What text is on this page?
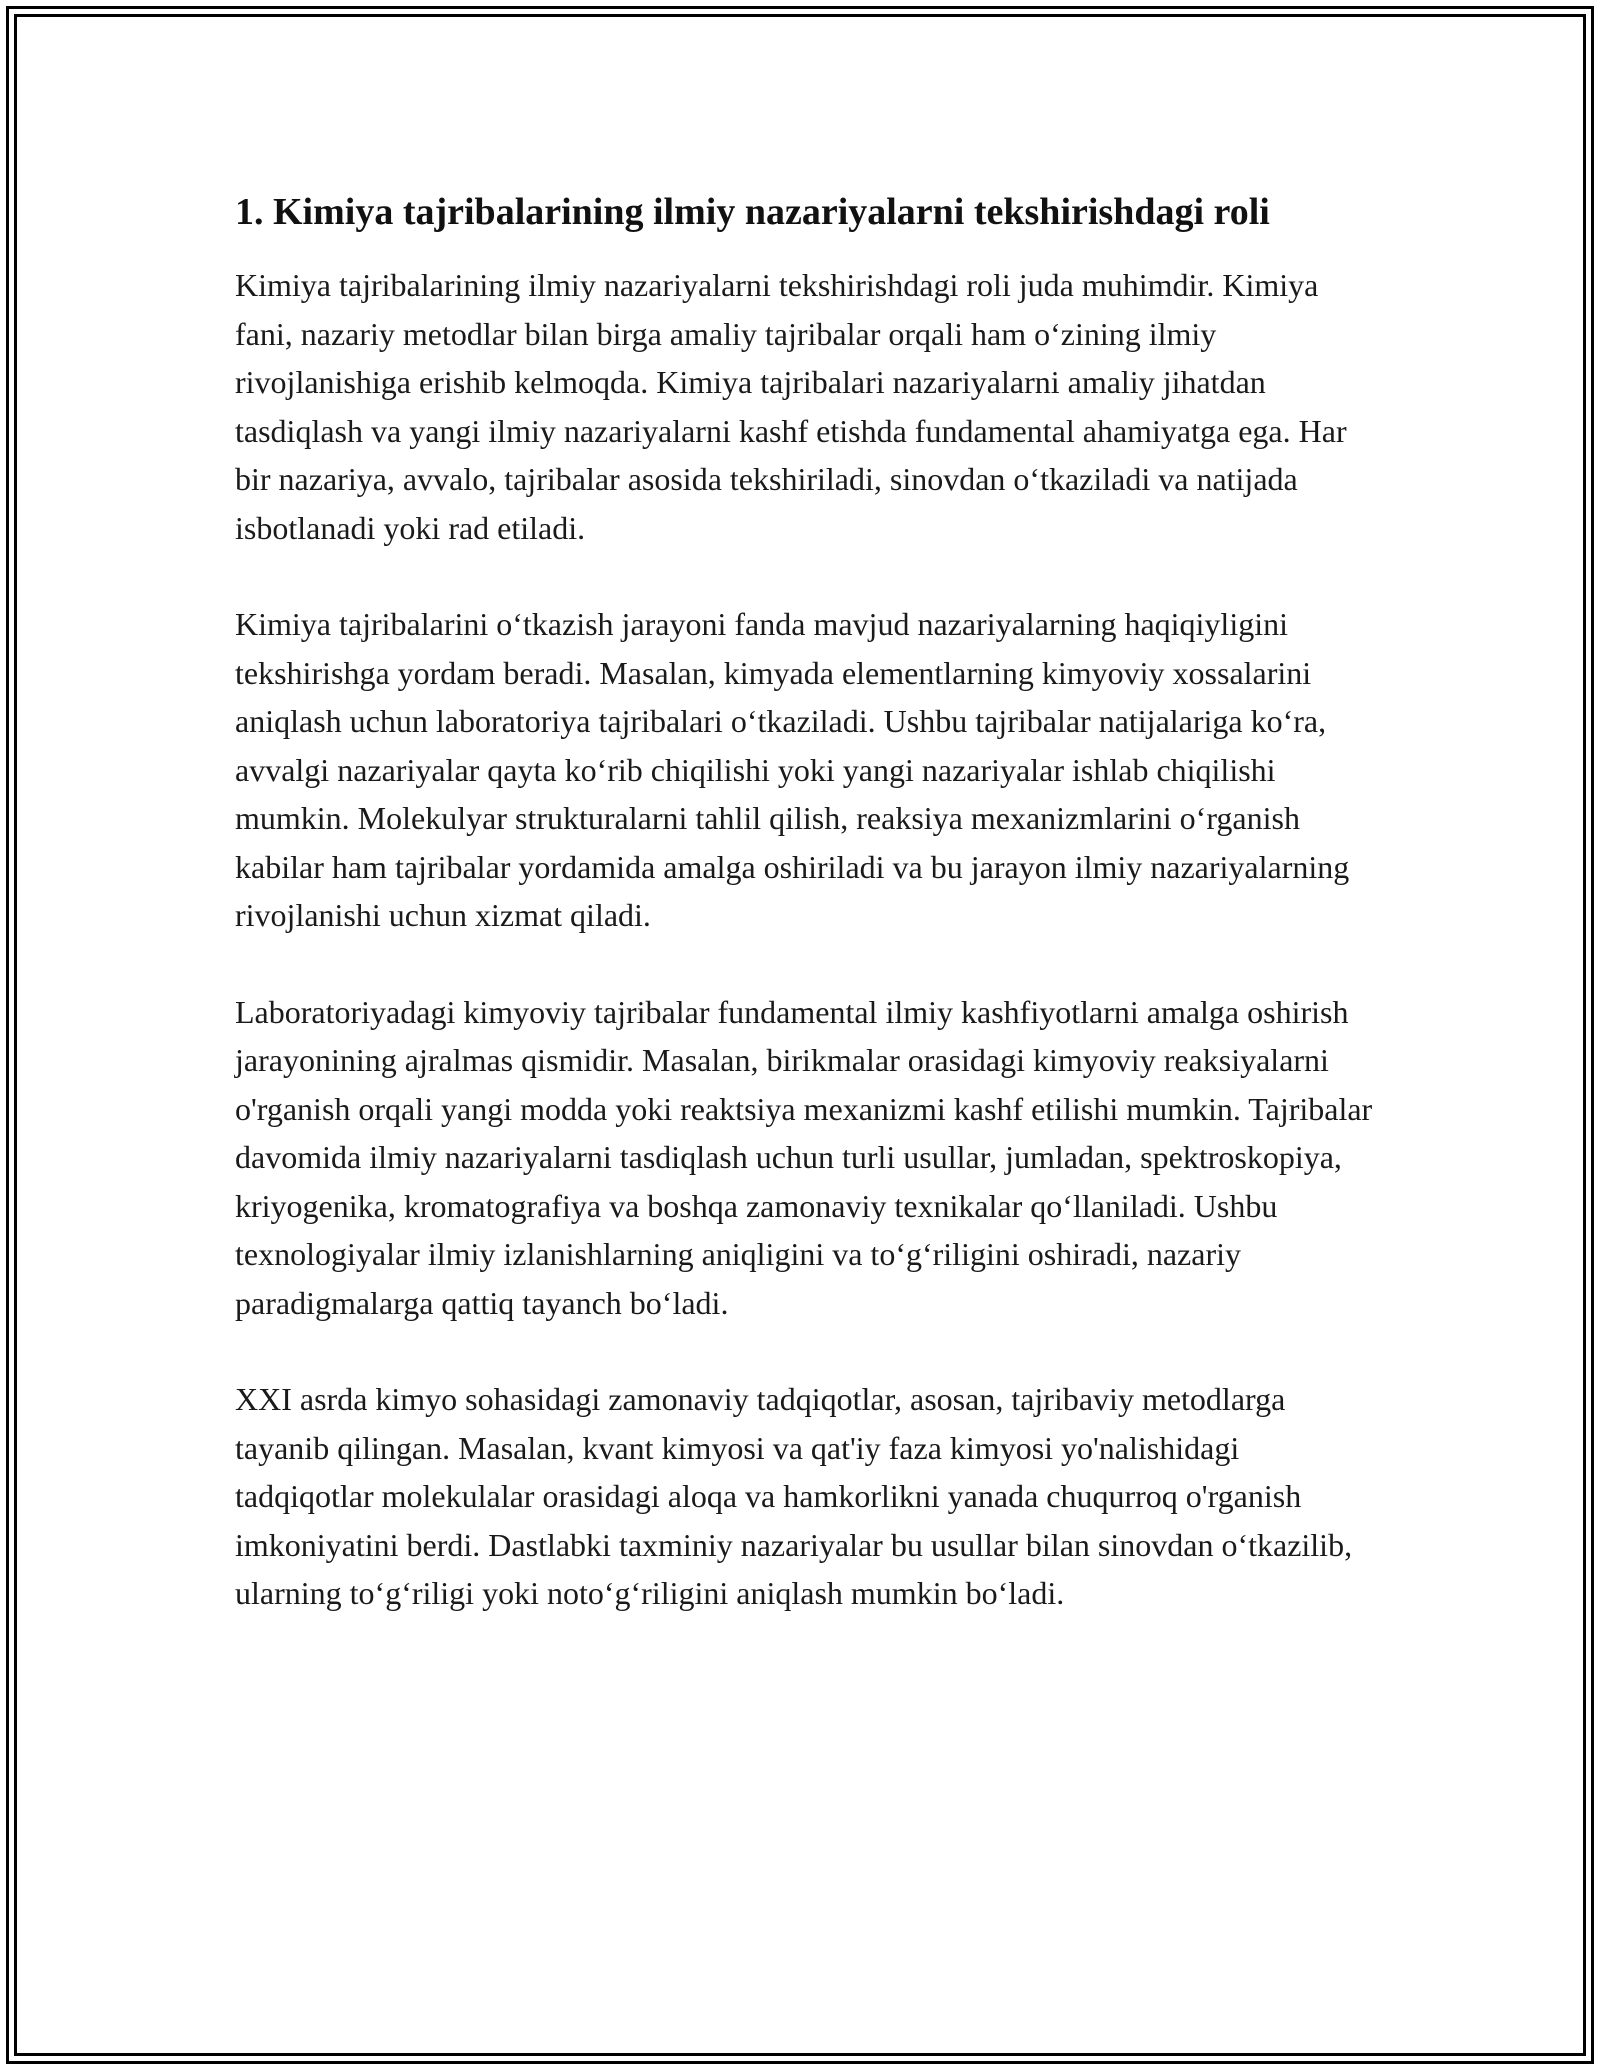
1. Kimiya tajribalarining ilmiy nazariyalarni tekshirishdagi roli

Kimiya tajribalarining ilmiy nazariyalarni tekshirishdagi roli juda muhimdir. Kimiya fani, nazariy metodlar bilan birga amaliy tajribalar orqali ham o‘zining ilmiy rivojlanishiga erishib kelmoqda. Kimiya tajribalari nazariyalarni amaliy jihatdan tasdiqlash va yangi ilmiy nazariyalarni kashf etishda fundamental ahamiyatga ega. Har bir nazariya, avvalo, tajribalar asosida tekshiriladi, sinovdan o‘tkaziladi va natijada isbotlanadi yoki rad etiladi.

Kimiya tajribalarini o‘tkazish jarayoni fanda mavjud nazariyalarning haqiqiyligini tekshirishga yordam beradi. Masalan, kimyada elementlarning kimyoviy xossalarini aniqlash uchun laboratoriya tajribalari o‘tkaziladi. Ushbu tajribalar natijalariga ko‘ra, avvalgi nazariyalar qayta ko‘rib chiqilishi yoki yangi nazariyalar ishlab chiqilishi mumkin. Molekulyar strukturalarni tahlil qilish, reaksiya mexanizmlarini o‘rganish kabilar ham tajribalar yordamida amalga oshiriladi va bu jarayon ilmiy nazariyalarning rivojlanishi uchun xizmat qiladi.

Laboratoriyadagi kimyoviy tajribalar fundamental ilmiy kashfiyotlarni amalga oshirish jarayonining ajralmas qismidir. Masalan, birikmalar orasidagi kimyoviy reaksiyalarni o'rganish orqali yangi modda yoki reaktsiya mexanizmi kashf etilishi mumkin. Tajribalar davomida ilmiy nazariyalarni tasdiqlash uchun turli usullar, jumladan, spektroskopiya, kriyogenika, kromatografiya va boshqa zamonaviy texnikalar qo‘llaniladi. Ushbu texnologiyalar ilmiy izlanishlarning aniqligini va to‘g‘riligini oshiradi, nazariy paradigmalarga qattiq tayanch bo‘ladi.

XXI asrda kimyo sohasidagi zamonaviy tadqiqotlar, asosan, tajribaviy metodlarga tayanib qilingan. Masalan, kvant kimyosi va qat'iy faza kimyosi yo'nalishidagi tadqiqotlar molekulalar orasidagi aloqa va hamkorlikni yanada chuqurroq o'rganish imkoniyatini berdi. Dastlabki taxminiy nazariyalar bu usullar bilan sinovdan o‘tkazilib, ularning to‘g‘riligi yoki noto‘g‘riligini aniqlash mumkin bo‘ladi.
